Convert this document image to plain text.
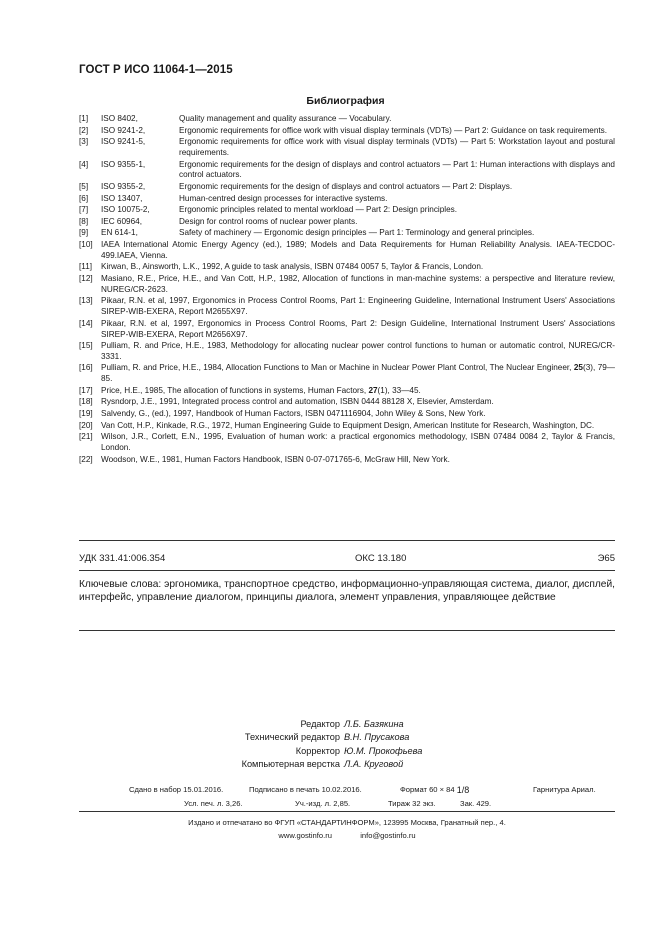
ГОСТ Р ИСО 11064-1—2015
Библиография
[1] ISO 8402,	Quality management and quality assurance — Vocabulary.
[2] ISO 9241-2,	Ergonomic requirements for office work with visual display terminals (VDTs) — Part 2: Guidance on task requirements.
[3] ISO 9241-5,	Ergonomic requirements for office work with visual display terminals (VDTs) — Part 5: Workstation layout and postural requirements.
[4] ISO 9355-1,	Ergonomic requirements for the design of displays and control actuators — Part 1: Human interactions with displays and control actuators.
[5] ISO 9355-2,	Ergonomic requirements for the design of displays and control actuators — Part 2: Displays.
[6] ISO 13407,	Human-centred design processes for interactive systems.
[7] ISO 10075-2,	Ergonomic principles related to mental workload — Part 2: Design principles.
[8] IEC 60964,	Design for control rooms of nuclear power plants.
[9] EN 614-1,	Safety of machinery — Ergonomic design principles — Part 1: Terminology and general principles.
[10] IAEA International Atomic Energy Agency (ed.), 1989; Models and Data Requirements for Human Reliability Analysis. IAEA-TECDOC-499.IAEA, Vienna.
[11] Kirwan, B., Ainsworth, L.K., 1992, A guide to task analysis, ISBN 07484 0057 5, Taylor & Francis, London.
[12] Masiano, R.E., Price, H.E., and Van Cott, H.P., 1982, Allocation of functions in man-machine systems: a perspective and literature review, NUREG/CR-2623.
[13] Pikaar, R.N. et al, 1997, Ergonomics in Process Control Rooms, Part 1: Engineering Guideline, International Instrument Users' Associations SIREP-WIB-EXERA, Report M2655X97.
[14] Pikaar, R.N. et al, 1997, Ergonomics in Process Control Rooms, Part 2: Design Guideline, International Instrument Users' Associations SIREP-WIB-EXERA, Report M2656X97.
[15] Pulliam, R. and Price, H.E., 1983, Methodology for allocating nuclear power control functions to human or automatic control, NUREG/CR-3331.
[16] Pulliam, R. and Price, H.E., 1984, Allocation Functions to Man or Machine in Nuclear Power Plant Control, The Nuclear Engineer, 25(3), 79—85.
[17] Price, H.E., 1985, The allocation of functions in systems, Human Factors, 27(1), 33—45.
[18] Rysndorp, J.E., 1991, Integrated process control and automation, ISBN 0444 88128 X, Elsevier, Amsterdam.
[19] Salvendy, G., (ed.), 1997, Handbook of Human Factors, ISBN 0471116904, John Wiley & Sons, New York.
[20] Van Cott, H.P., Kinkade, R.G., 1972, Human Engineering Guide to Equipment Design, American Institute for Research, Washington, DC.
[21] Wilson, J.R., Corlett, E.N., 1995, Evaluation of human work: a practical ergonomics methodology, ISBN 07484 0084 2, Taylor & Francis, London.
[22] Woodson, W.E., 1981, Human Factors Handbook, ISBN 0-07-071765-6, McGraw Hill, New York.
УДК 331.41:006.354	ОКС 13.180	Э65
Ключевые слова: эргономика, транспортное средство, информационно-управляющая система, диалог, дисплей, интерфейс, управление диалогом, принципы диалога, элемент управления, управляющее действие
Редактор Л.Б. Базякина
Технический редактор В.Н. Прусакова
Корректор Ю.М. Прокофьева
Компьютерная верстка Л.А. Круговой
Сдано в набор 15.01.2016.	Подписано в печать 10.02.2016.	Формат 60 × 84 1/8	Гарнитура Ариал.
Усл. печ. л. 3,26.	Уч.-изд. л. 2,85.	Тираж 32 экз.	Зак. 429.
Издано и отпечатано во ФГУП «СТАНДАРТИНФОРМ», 123995 Москва, Гранатный пер., 4.
www.gostinfo.ru	info@gostinfo.ru
